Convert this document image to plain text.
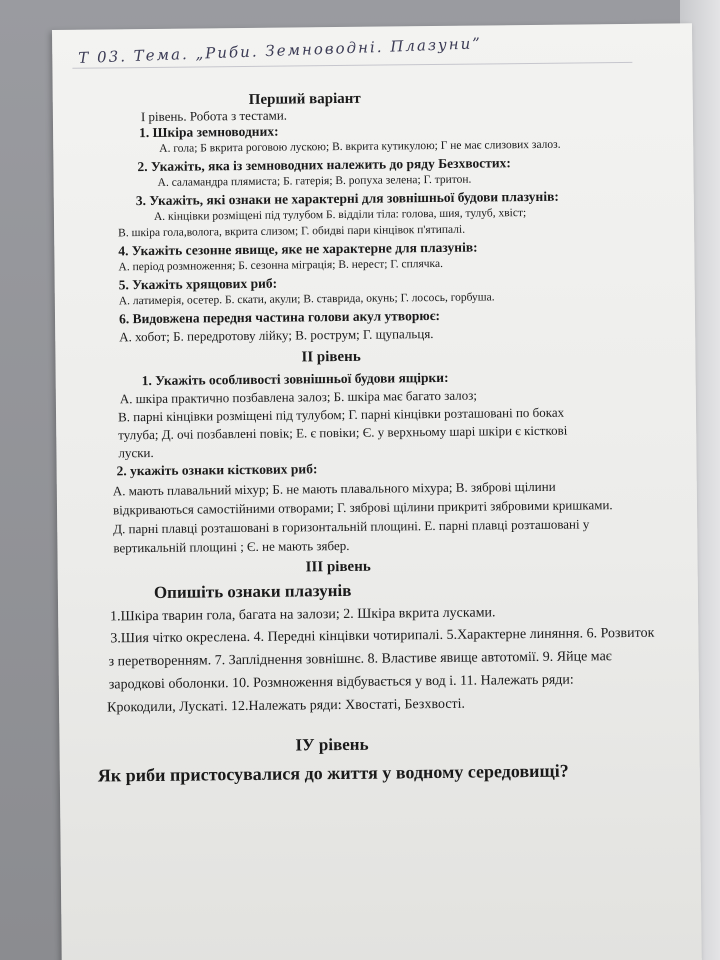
Т 03. Тема. „Риби. Земноводні. Плазуни”
Перший варіант
І рівень. Робота з тестами.
1. Шкіра земноводних:
А. гола; Б вкрита роговою лускою; В. вкрита кутикулою; Г не має слизових залоз.
2. Укажіть, яка із земноводних належить до ряду Безхвостих:
А. саламандра плямиста; Б. гатерія; В. ропуха зелена; Г. тритон.
3. Укажіть, які ознаки не характерні для зовнішньої будови плазунів:
А. кінцівки розміщені під тулубом Б. відділи тіла: голова, шия, тулуб, хвіст;
В. шкіра гола,волога, вкрита слизом; Г. обидві пари кінцівок п'ятипалі.
4. Укажіть сезонне явище, яке не характерне для плазунів:
А. період розмноження; Б. сезонна міграція; В. нерест; Г. сплячка.
5. Укажіть хрящових риб:
А. латимерія, осетер. Б. скати, акули; В. ставрида, окунь; Г. лосось, горбуша.
6. Видовжена передня частина голови акул утворює:
А. хобот; Б. передротову лійку; В. рострум; Г. щупальця.
ІІ рівень
1. Укажіть особливості зовнішньої будови ящірки:
А. шкіра практично позбавлена залоз; Б. шкіра має багато залоз;
В. парні кінцівки розміщені під тулубом; Г. парні кінцівки розташовані по боках
тулуба; Д. очі позбавлені повік; Е. є повіки; Є. у верхньому шарі шкіри є кісткові
луски.
2. укажіть ознаки кісткових риб:
А. мають плавальний міхур; Б. не мають плавального міхура; В. зяброві щілини
відкриваються самостійними отворами; Г. зяброві щілини прикриті зябровими кришками.
Д. парні плавці розташовані в горизонтальній площині. Е. парні плавці розташовані у
вертикальній площині ; Є. не мають зябер.
ІІІ рівень
Опишіть ознаки плазунів
1.Шкіра тварин гола, багата на залози; 2. Шкіра вкрита лусками.
3.Шия чітко окреслена. 4. Передні кінцівки чотирипалі. 5.Характерне линяння. 6. Розвиток
з перетворенням. 7. Запліднення зовнішнє. 8. Властиве явище автотомії. 9. Яйце має
зародкові оболонки. 10. Розмноження відбувається у вод і. 11. Належать ряди:
Крокодили, Лускаті. 12.Належать ряди: Хвостаті, Безхвості.
ІУ рівень
Як риби пристосувалися до життя у водному середовищі?
